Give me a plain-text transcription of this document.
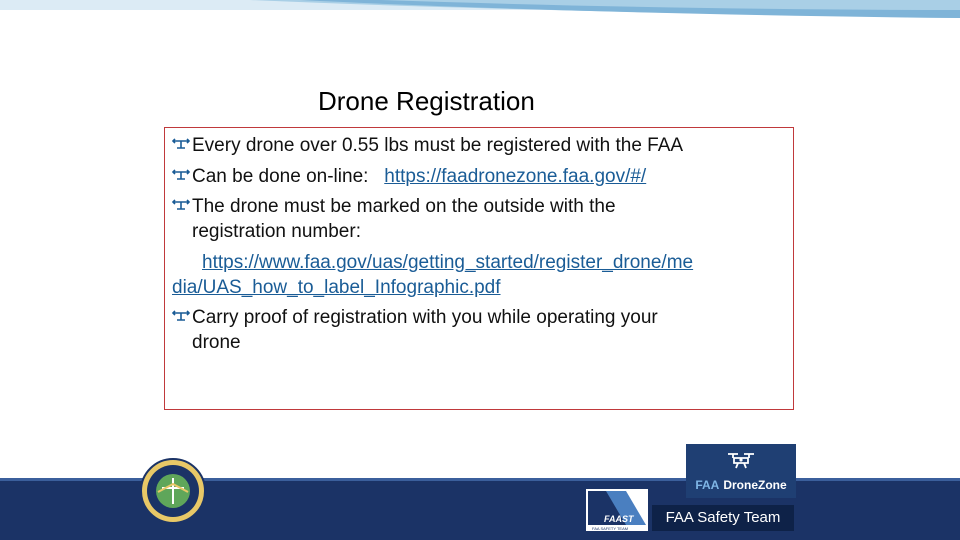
Drone Registration
Every drone over 0.55 lbs must be registered with the FAA
Can be done on-line:   https://faadronezone.faa.gov/#/
The drone must be marked on the outside with the
registration number:
https://www.faa.gov/uas/getting_started/register_drone/me
dia/UAS_how_to_label_Infographic.pdf
Carry proof of registration with you while operating your
drone
FAA DroneZone
FAAST
FAA SAFETY TEAM
FAA Safety Team
